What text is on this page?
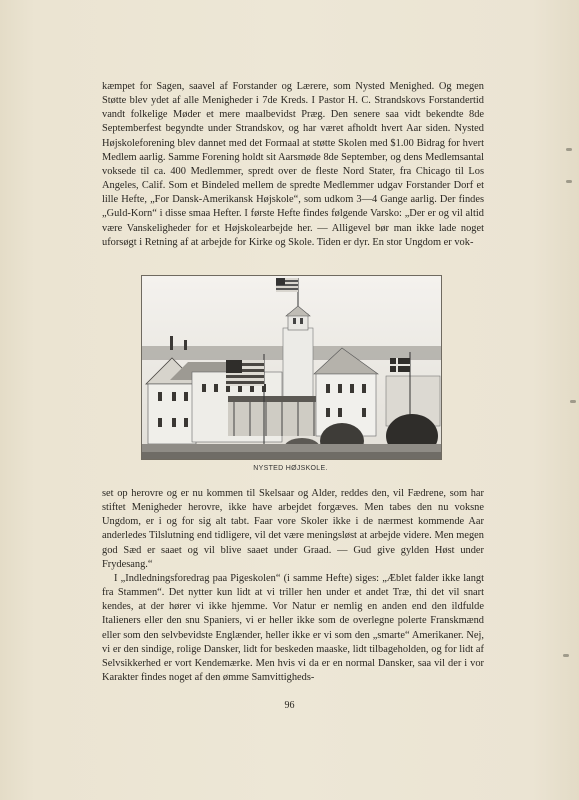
kæmpet for Sagen, saavel af Forstander og Lærere, som Nysted Menighed. Og megen Støtte blev ydet af alle Menigheder i 7de Kreds. I Pastor H. C. Strandskovs Forstandertid vandt folkelige Møder et mere maalbevidst Præg. Den senere saa vidt bekendte 8de Septemberfest begyndte under Strandskov, og har været afholdt hvert Aar siden. Nysted Højskoleforening blev dannet med det Formaal at støtte Skolen med $1.00 Bidrag for hvert Medlem aarlig. Samme Forening holdt sit Aarsmøde 8de September, og dens Medlemsantal voksede til ca. 400 Medlemmer, spredt over de fleste Nord Stater, fra Chicago til Los Angeles, Calif. Som et Bindeled mellem de spredte Medlemmer udgav Forstander Dorf et lille Hefte, „For Dansk-Amerikansk Højskole“, som udkom 3—4 Gange aarlig. Der findes „Guld-Korn“ i disse smaa Hefter. I første Hefte findes følgende Varsko: „Der er og vil altid være Vanskeligheder for et Højskolearbejde her. — Alligevel bør man ikke lade noget uforsøgt i Retning af at arbejde for Kirke og Skole. Tiden er dyr. En stor Ungdom er vok-

NYSTED HØJSKOLE.

set op herovre og er nu kommen til Skelsaar og Alder, reddes den, vil Fædrene, som har stiftet Menigheder herovre, ikke have arbejdet forgæves. Men tabes den nu voksne Ungdom, er i og for sig alt tabt. Faar vore Skoler ikke i de nærmest kommende Aar anderledes Tilslutning end tidligere, vil det være meningsløst at arbejde videre. Men megen god Sæd er saaet og vil blive saaet under Graad. — Gud give gylden Høst under Frydesang.“

I „Indledningsforedrag paa Pigeskolen“ (i samme Hefte) siges: „Æblet falder ikke langt fra Stammen“. Det nytter kun lidt at vi triller hen under et andet Træ, thi det vil snart kendes, at der hører vi ikke hjemme. Vor Natur er nemlig en anden end den ildfulde Italieners eller den snu Spaniers, vi er heller ikke som de overlegne polerte Franskmænd eller som den selvbevidste Englænder, heller ikke er vi som den „smarte“ Amerikaner. Nej, vi er den sindige, rolige Dansker, lidt for beskeden maaske, lidt tilbageholden, og for lidt af Selvsikkerhed er vort Kendemærke. Men hvis vi da er en normal Dansker, saa vil der i vor Karakter findes noget af den ømme Samvittigheds-

96
